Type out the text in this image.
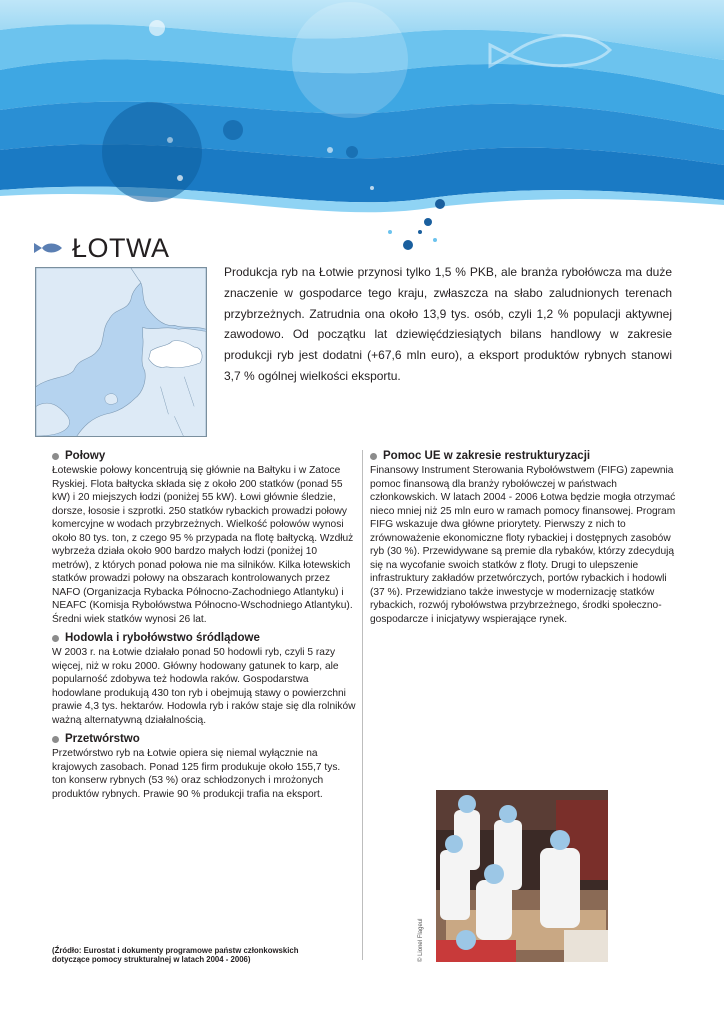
ŁOTWA
Produkcja ryb na Łotwie przynosi tylko 1,5 % PKB, ale branża rybołówcza ma duże znaczenie w gospodarce tego kraju, zwłaszcza na słabo zaludnionych terenach przybrzeżnych. Zatrudnia ona około 13,9 tys. osób, czyli 1,2 % populacji aktywnej zawodowo. Od początku lat dziewięćdziesiątych bilans handlowy w zakresie produkcji ryb jest dodatni (+67,6 mln euro), a eksport produktów rybnych stanowi 3,7 % ogólnej wielkości eksportu.
Połowy

Łotewskie połowy koncentrują się głównie na Bałtyku i w Zatoce Ryskiej. Flota bałtycka składa się z około 200 statków (ponad 55 kW) i 20 miejszych łodzi (poniżej 55 kW). Łowi głównie śledzie, dorsze, łososie i szprotki. 250 statków rybackich prowadzi połowy komercyjne w wodach przybrzeżnych. Wielkość połowów wynosi około 80 tys. ton, z czego 95 % przypada na flotę bałtycką. Wzdłuż wybrzeża działa około 900 bardzo małych łodzi (poniżej 10 metrów), z których ponad połowa nie ma silników. Kilka łotewskich statków prowadzi połowy na obszarach kontrolowanych przez NAFO (Organizacja Rybacka Północno-Zachodniego Atlantyku) i NEAFC (Komisja Rybołówstwa Północno-Wschodniego Atlantyku). Średni wiek statków wynosi 26 lat.

Hodowla i rybołówstwo śródlądowe

W 2003 r. na Łotwie działało ponad 50 hodowli ryb, czyli 5 razy więcej, niż w roku 2000. Główny hodowany gatunek to karp, ale popularność zdobywa też hodowla raków. Gospodarstwa hodowlane produkują 430 ton ryb i obejmują stawy o powierzchni prawie 4,3 tys. hektarów. Hodowla ryb i raków staje się dla rolników ważną alternatywną działalnością.

Przetwórstwo

Przetwórstwo ryb na Łotwie opiera się niemal wyłącznie na krajowych zasobach. Ponad 125 firm produkuje około 155,7 tys. ton konserw rybnych (53 %) oraz schłodzonych i mrożonych produktów rybnych. Prawie 90 % produkcji trafia na eksport.

Pomoc UE w zakresie restrukturyzacji

Finansowy Instrument Sterowania Rybołówstwem (FIFG) zapewnia pomoc finansową dla branży rybołówczej w państwach członkowskich. W latach 2004 - 2006 Łotwa będzie mogła otrzymać nieco mniej niż 25 mln euro w ramach pomocy finansowej. Program FIFG wskazuje dwa główne priorytety. Pierwszy z nich to zrównoważenie ekonomiczne floty rybackiej i dostępnych zasobów ryb (30 %). Przewidywane są premie dla rybaków, którzy zdecydują się na wycofanie swoich statków z floty. Drugi to ulepszenie infrastruktury zakładów przetwórczych, portów rybackich i hodowli (37 %). Przewidziano także inwestycje w modernizację statków rybackich, rozwój rybołówstwa przybrzeżnego, środki społeczno-gospodarcze i inicjatywy wspierające rynek.

© Lionel Flageul
(Źródło: Eurostat i dokumenty programowe państw członkowskich dotyczące pomocy strukturalnej w latach 2004 - 2006)
